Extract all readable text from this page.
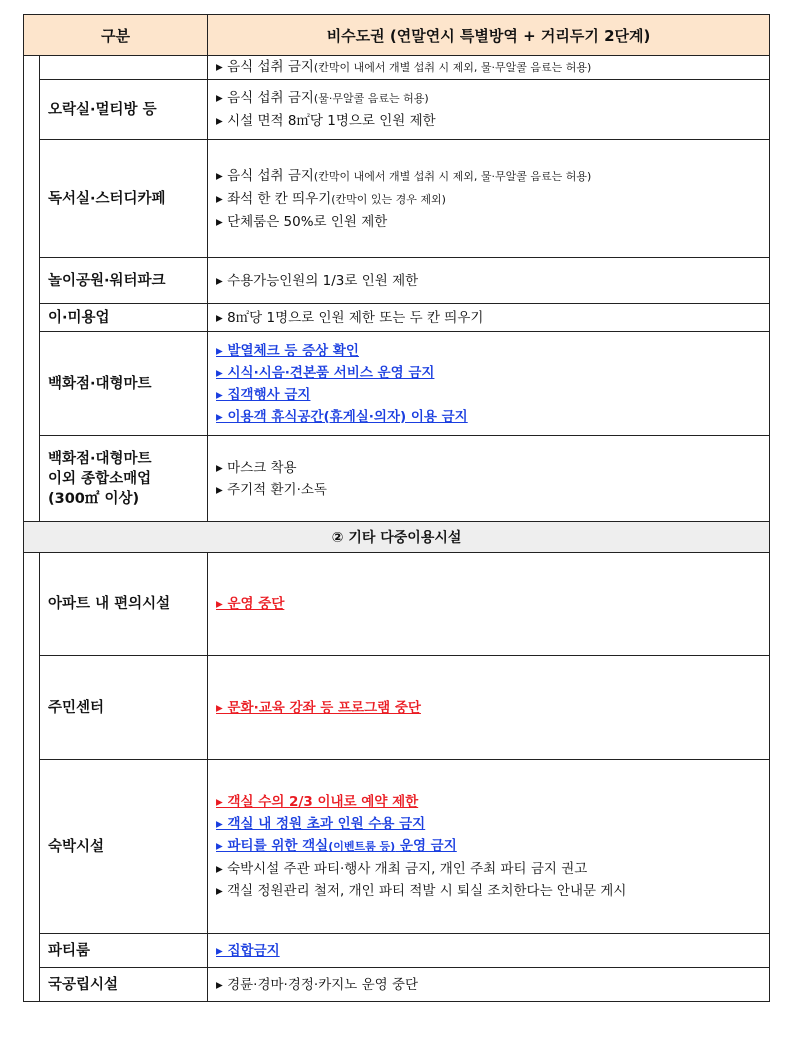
구분		비수도권 (연말연시 특별방역 + 거리두기 2단계)

		▸ 음식 섭취 금지(칸막이 내에서 개별 섭취 시 제외, 물·무알콜 음료는 허용)

	오락실·멀티방 등	▸ 음식 섭취 금지(물·무알콜 음료는 허용)
▸ 시설 면적 8㎡당 1명으로 인원 제한

	독서실·스터디카페	▸ 음식 섭취 금지(칸막이 내에서 개별 섭취 시 제외, 물·무알콜 음료는 허용)
▸ 좌석 한 칸 띄우기(칸막이 있는 경우 제외)
▸ 단체룸은 50%로 인원 제한

	놀이공원·워터파크	▸ 수용가능인원의 1/3로 인원 제한

	이·미용업	▸ 8㎡당 1명으로 인원 제한 또는 두 칸 띄우기

	백화점·대형마트	▸ 발열체크 등 증상 확인
▸ 시식·시음·견본품 서비스 운영 금지
▸ 집객행사 금지
▸ 이용객 휴식공간(휴게실·의자) 이용 금지

	백화점·대형마트
이외 종합소매업
(300㎡ 이상)	▸ 마스크 착용
▸ 주기적 환기·소독

② 기타 다중이용시설		
	아파트 내 편의시설	▸ 운영 중단

	주민센터	▸ 문화·교육 강좌 등 프로그램 중단

	숙박시설	▸ 객실 수의 2/3 이내로 예약 제한
▸ 객실 내 정원 초과 인원 수용 금지
▸ 파티를 위한 객실(이벤트룸 등) 운영 금지
▸ 숙박시설 주관 파티·행사 개최 금지, 개인 주최 파티 금지 권고
▸ 객실 정원관리 철저, 개인 파티 적발 시 퇴실 조치한다는 안내문 게시

	파티룸	▸ 집합금지

	국공립시설	▸ 경륜·경마·경정·카지노 운영 중단
